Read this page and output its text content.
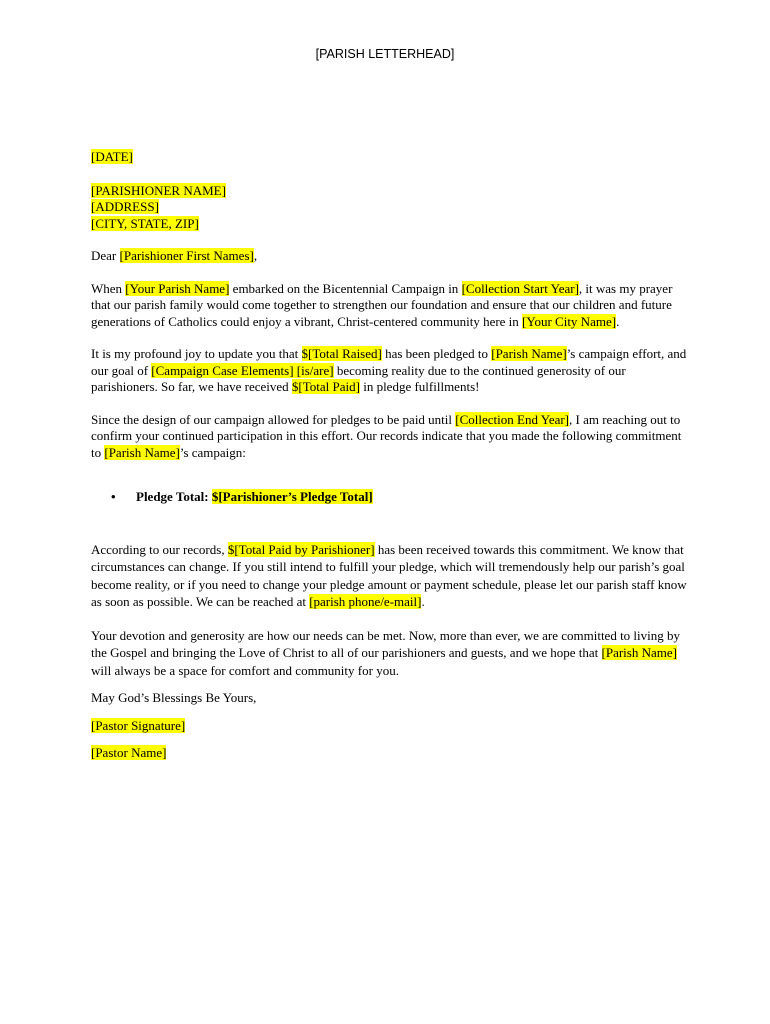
[PARISH LETTERHEAD]

[DATE]

[PARISHIONER NAME]

[ADDRESS]

[CITY, STATE, ZIP]

Dear [Parishioner First Names],

When [Your Parish Name] embarked on the Bicentennial Campaign in [Collection Start Year], it was my prayer that our parish family would come together to strengthen our foundation and ensure that our children and future generations of Catholics could enjoy a vibrant, Christ-centered community here in [Your City Name].

It is my profound joy to update you that $[Total Raised] has been pledged to [Parish Name]’s campaign effort, and our goal of [Campaign Case Elements] [is/are] becoming reality due to the continued generosity of our parishioners. So far, we have received $[Total Paid] in pledge fulfillments!

Since the design of our campaign allowed for pledges to be paid until [Collection End Year], I am reaching out to confirm your continued participation in this effort. Our records indicate that you made the following commitment to [Parish Name]’s campaign:

•	Pledge Total: $[Parishioner’s Pledge Total]

According to our records, $[Total Paid by Parishioner] has been received towards this commitment. We know that circumstances can change. If you still intend to fulfill your pledge, which will tremendously help our parish’s goal become reality, or if you need to change your pledge amount or payment schedule, please let our parish staff know as soon as possible. We can be reached at [parish phone/e-mail].

Your devotion and generosity are how our needs can be met. Now, more than ever, we are committed to living by the Gospel and bringing the Love of Christ to all of our parishioners and guests, and we hope that [Parish Name] will always be a space for comfort and community for you.

May God’s Blessings Be Yours,

[Pastor Signature]

[Pastor Name]
